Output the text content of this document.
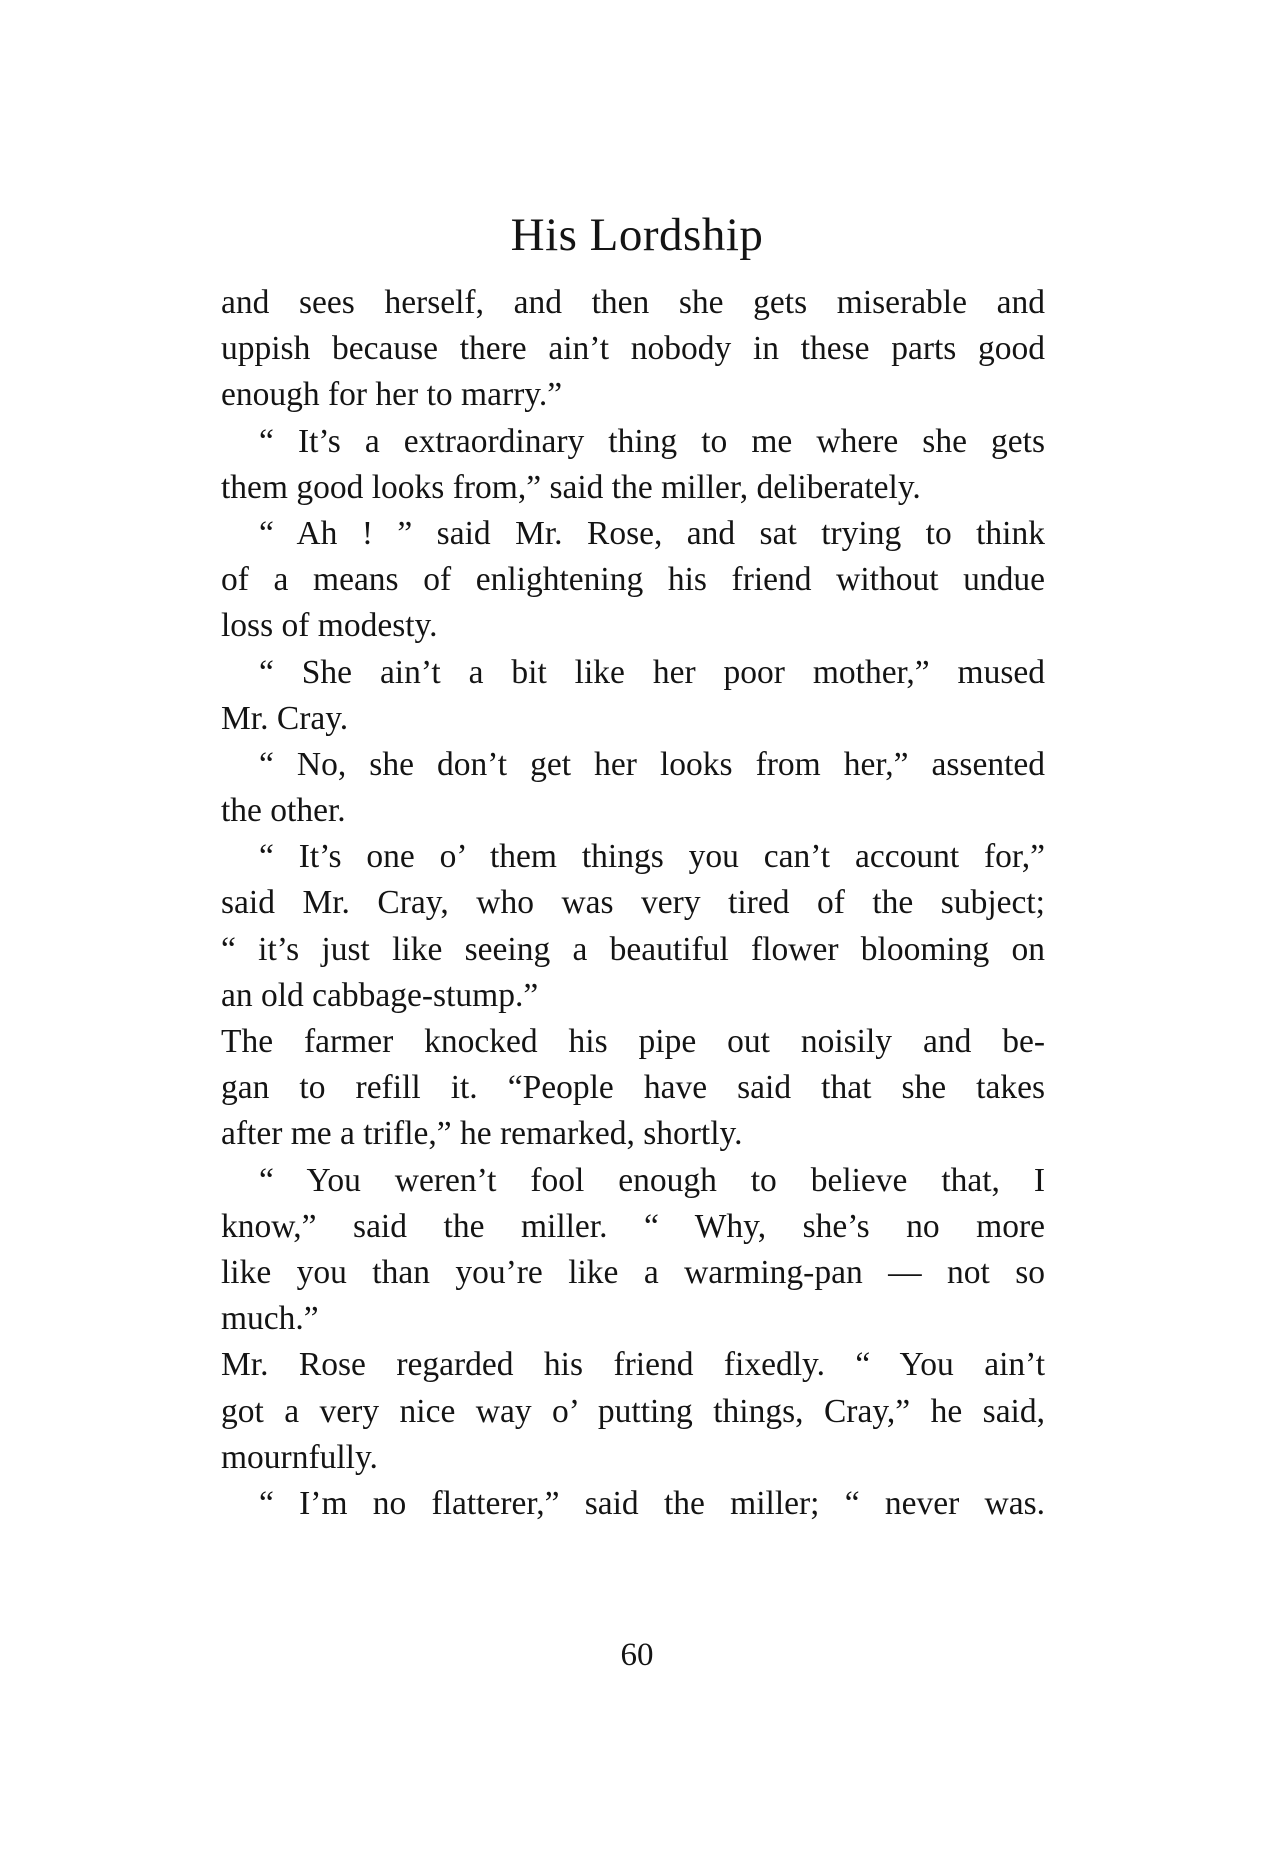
His Lordship
and sees herself, and then she gets miserable and
uppish because there ain’t nobody in these parts good
enough for her to marry.”
“ It’s a extraordinary thing to me where she gets
them good looks from,” said the miller, deliberately.
“ Ah ! ” said Mr. Rose, and sat trying to think
of a means of enlightening his friend without undue
loss of modesty.
“ She ain’t a bit like her poor mother,” mused
Mr. Cray.
“ No, she don’t get her looks from her,” assented
the other.
“ It’s one o’ them things you can’t account for,”
said Mr. Cray, who was very tired of the subject;
“ it’s just like seeing a beautiful flower blooming on
an old cabbage-stump.”
The farmer knocked his pipe out noisily and be-
gan to refill it. “People have said that she takes
after me a trifle,” he remarked, shortly.
“ You weren’t fool enough to believe that, I
know,” said the miller. “ Why, she’s no more
like you than you’re like a warming-pan — not so
much.”
Mr. Rose regarded his friend fixedly. “ You ain’t
got a very nice way o’ putting things, Cray,” he said,
mournfully.
“ I’m no flatterer,” said the miller; “ never was.
60
